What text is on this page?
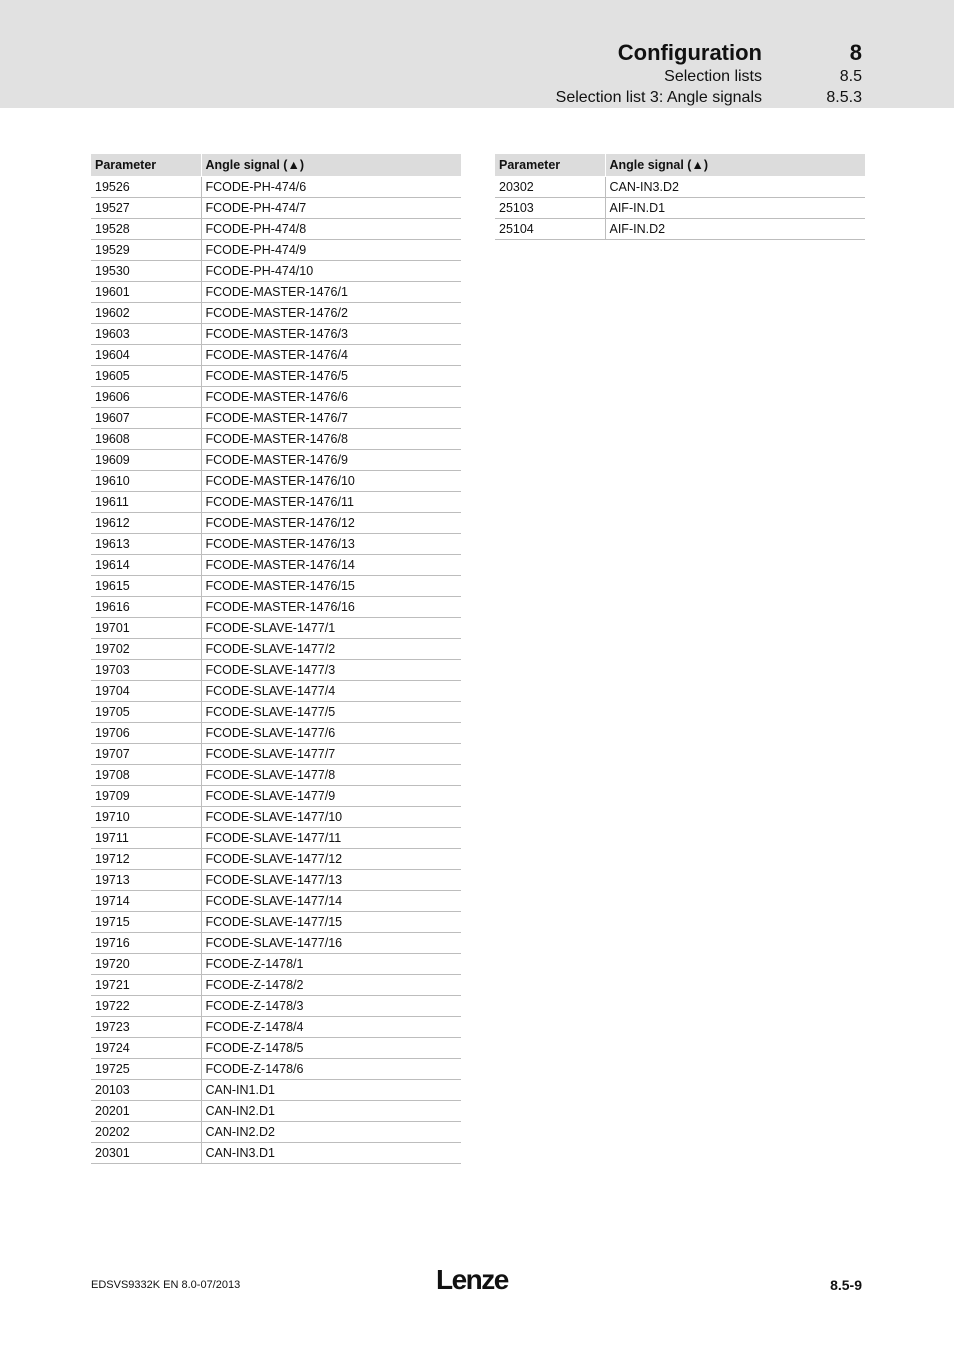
Configuration	8
Selection lists	8.5
Selection list 3: Angle signals	8.5.3
Parameter	Angle signal (▲)
19526	FCODE-PH-474/6
19527	FCODE-PH-474/7
19528	FCODE-PH-474/8
19529	FCODE-PH-474/9
19530	FCODE-PH-474/10
19601	FCODE-MASTER-1476/1
19602	FCODE-MASTER-1476/2
19603	FCODE-MASTER-1476/3
19604	FCODE-MASTER-1476/4
19605	FCODE-MASTER-1476/5
19606	FCODE-MASTER-1476/6
19607	FCODE-MASTER-1476/7
19608	FCODE-MASTER-1476/8
19609	FCODE-MASTER-1476/9
19610	FCODE-MASTER-1476/10
19611	FCODE-MASTER-1476/11
19612	FCODE-MASTER-1476/12
19613	FCODE-MASTER-1476/13
19614	FCODE-MASTER-1476/14
19615	FCODE-MASTER-1476/15
19616	FCODE-MASTER-1476/16
19701	FCODE-SLAVE-1477/1
19702	FCODE-SLAVE-1477/2
19703	FCODE-SLAVE-1477/3
19704	FCODE-SLAVE-1477/4
19705	FCODE-SLAVE-1477/5
19706	FCODE-SLAVE-1477/6
19707	FCODE-SLAVE-1477/7
19708	FCODE-SLAVE-1477/8
19709	FCODE-SLAVE-1477/9
19710	FCODE-SLAVE-1477/10
19711	FCODE-SLAVE-1477/11
19712	FCODE-SLAVE-1477/12
19713	FCODE-SLAVE-1477/13
19714	FCODE-SLAVE-1477/14
19715	FCODE-SLAVE-1477/15
19716	FCODE-SLAVE-1477/16
19720	FCODE-Z-1478/1
19721	FCODE-Z-1478/2
19722	FCODE-Z-1478/3
19723	FCODE-Z-1478/4
19724	FCODE-Z-1478/5
19725	FCODE-Z-1478/6
20103	CAN-IN1.D1
20201	CAN-IN2.D1
20202	CAN-IN2.D2
20301	CAN-IN3.D1
Parameter	Angle signal (▲)
20302	CAN-IN3.D2
25103	AIF-IN.D1
25104	AIF-IN.D2
EDSVS9332K EN 8.0-07/2013	Lenze	8.5-9
